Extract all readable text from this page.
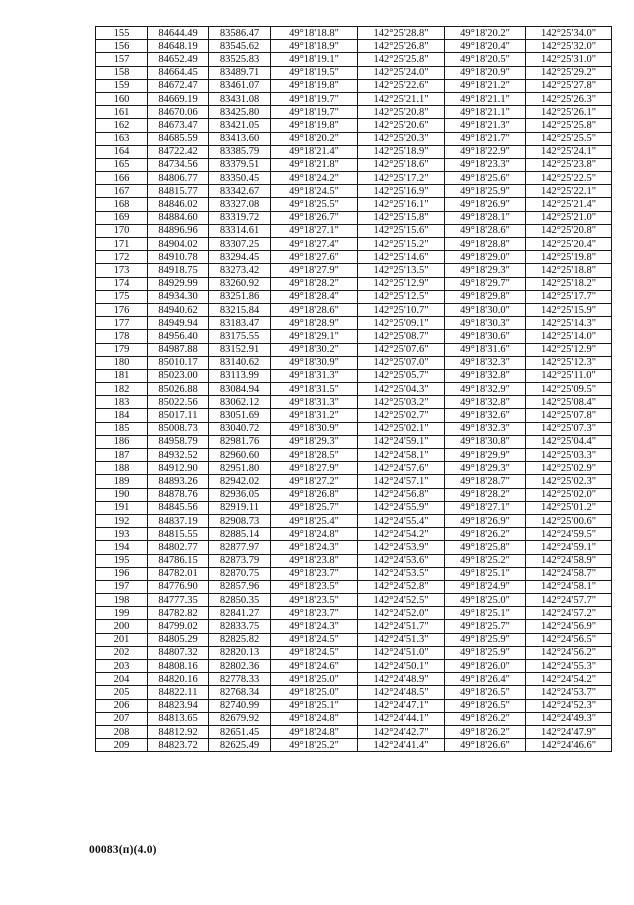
155	84644.49	83586.47	49°18'18.8"	142°25'28.8"	49°18'20.2"	142°25'34.0"
156	84648.19	83545.62	49°18'18.9"	142°25'26.8"	49°18'20.4"	142°25'32.0"
157	84652.49	83525.83	49°18'19.1"	142°25'25.8"	49°18'20.5"	142°25'31.0"
158	84664.45	83489.71	49°18'19.5"	142°25'24.0"	49°18'20.9"	142°25'29.2"
159	84672.47	83461.07	49°18'19.8"	142°25'22.6"	49°18'21.2"	142°25'27.8"
160	84669.19	83431.08	49°18'19.7"	142°25'21.1"	49°18'21.1"	142°25'26.3"
161	84670.06	83425.80	49°18'19.7"	142°25'20.8"	49°18'21.1"	142°25'26.1"
162	84673.47	83421.05	49°18'19.8"	142°25'20.6"	49°18'21.3"	142°25'25.8"
163	84685.59	83413.60	49°18'20.2"	142°25'20.3"	49°18'21.7"	142°25'25.5"
164	84722.42	83385.79	49°18'21.4"	142°25'18.9"	49°18'22.9"	142°25'24.1"
165	84734.56	83379.51	49°18'21.8"	142°25'18.6"	49°18'23.3"	142°25'23.8"
166	84806.77	83350.45	49°18'24.2"	142°25'17.2"	49°18'25.6"	142°25'22.5"
167	84815.77	83342.67	49°18'24.5"	142°25'16.9"	49°18'25.9"	142°25'22.1"
168	84846.02	83327.08	49°18'25.5"	142°25'16.1"	49°18'26.9"	142°25'21.4"
169	84884.60	83319.72	49°18'26.7"	142°25'15.8"	49°18'28.1"	142°25'21.0"
170	84896.96	83314.61	49°18'27.1"	142°25'15.6"	49°18'28.6"	142°25'20.8"
171	84904.02	83307.25	49°18'27.4"	142°25'15.2"	49°18'28.8"	142°25'20.4"
172	84910.78	83294.45	49°18'27.6"	142°25'14.6"	49°18'29.0"	142°25'19.8"
173	84918.75	83273.42	49°18'27.9"	142°25'13.5"	49°18'29.3"	142°25'18.8"
174	84929.99	83260.92	49°18'28.2"	142°25'12.9"	49°18'29.7"	142°25'18.2"
175	84934.30	83251.86	49°18'28.4"	142°25'12.5"	49°18'29.8"	142°25'17.7"
176	84940.62	83215.84	49°18'28.6"	142°25'10.7"	49°18'30.0"	142°25'15.9"
177	84949.94	83183.47	49°18'28.9"	142°25'09.1"	49°18'30.3"	142°25'14.3"
178	84956.40	83175.55	49°18'29.1"	142°25'08.7"	49°18'30.6"	142°25'14.0"
179	84987.88	83152.91	49°18'30.2"	142°25'07.6"	49°18'31.6"	142°25'12.9"
180	85010.17	83140.62	49°18'30.9"	142°25'07.0"	49°18'32.3"	142°25'12.3"
181	85023.00	83113.99	49°18'31.3"	142°25'05.7"	49°18'32.8"	142°25'11.0"
182	85026.88	83084.94	49°18'31.5"	142°25'04.3"	49°18'32.9"	142°25'09.5"
183	85022.56	83062.12	49°18'31.3"	142°25'03.2"	49°18'32.8"	142°25'08.4"
184	85017.11	83051.69	49°18'31.2"	142°25'02.7"	49°18'32.6"	142°25'07.8"
185	85008.73	83040.72	49°18'30.9"	142°25'02.1"	49°18'32.3"	142°25'07.3"
186	84958.79	82981.76	49°18'29.3"	142°24'59.1"	49°18'30.8"	142°25'04.4"
187	84932.52	82960.60	49°18'28.5"	142°24'58.1"	49°18'29.9"	142°25'03.3"
188	84912.90	82951.80	49°18'27.9"	142°24'57.6"	49°18'29.3"	142°25'02.9"
189	84893.26	82942.02	49°18'27.2"	142°24'57.1"	49°18'28.7"	142°25'02.3"
190	84878.76	82936.05	49°18'26.8"	142°24'56.8"	49°18'28.2"	142°25'02.0"
191	84845.56	82919.11	49°18'25.7"	142°24'55.9"	49°18'27.1"	142°25'01.2"
192	84837.19	82908.73	49°18'25.4"	142°24'55.4"	49°18'26.9"	142°25'00.6"
193	84815.55	82885.14	49°18'24.8"	142°24'54.2"	49°18'26.2"	142°24'59.5"
194	84802.77	82877.97	49°18'24.3"	142°24'53.9"	49°18'25.8"	142°24'59.1"
195	84786.15	82873.79	49°18'23.8"	142°24'53.6"	49°18'25.2"	142°24'58.9"
196	84782.01	82870.75	49°18'23.7"	142°24'53.5"	49°18'25.1"	142°24'58.7"
197	84776.90	82857.96	49°18'23.5"	142°24'52.8"	49°18'24.9"	142°24'58.1"
198	84777.35	82850.35	49°18'23.5"	142°24'52.5"	49°18'25.0"	142°24'57.7"
199	84782.82	82841.27	49°18'23.7"	142°24'52.0"	49°18'25.1"	142°24'57.2"
200	84799.02	82833.75	49°18'24.3"	142°24'51.7"	49°18'25.7"	142°24'56.9"
201	84805.29	82825.82	49°18'24.5"	142°24'51.3"	49°18'25.9"	142°24'56.5"
202	84807.32	82820.13	49°18'24.5"	142°24'51.0"	49°18'25.9"	142°24'56.2"
203	84808.16	82802.36	49°18'24.6"	142°24'50.1"	49°18'26.0"	142°24'55.3"
204	84820.16	82778.33	49°18'25.0"	142°24'48.9"	49°18'26.4"	142°24'54.2"
205	84822.11	82768.34	49°18'25.0"	142°24'48.5"	49°18'26.5"	142°24'53.7"
206	84823.94	82740.99	49°18'25.1"	142°24'47.1"	49°18'26.5"	142°24'52.3"
207	84813.65	82679.92	49°18'24.8"	142°24'44.1"	49°18'26.2"	142°24'49.3"
208	84812.92	82651.45	49°18'24.8"	142°24'42.7"	49°18'26.2"	142°24'47.9"
209	84823.72	82625.49	49°18'25.2"	142°24'41.4"	49°18'26.6"	142°24'46.6"
00083(п)(4.0)
